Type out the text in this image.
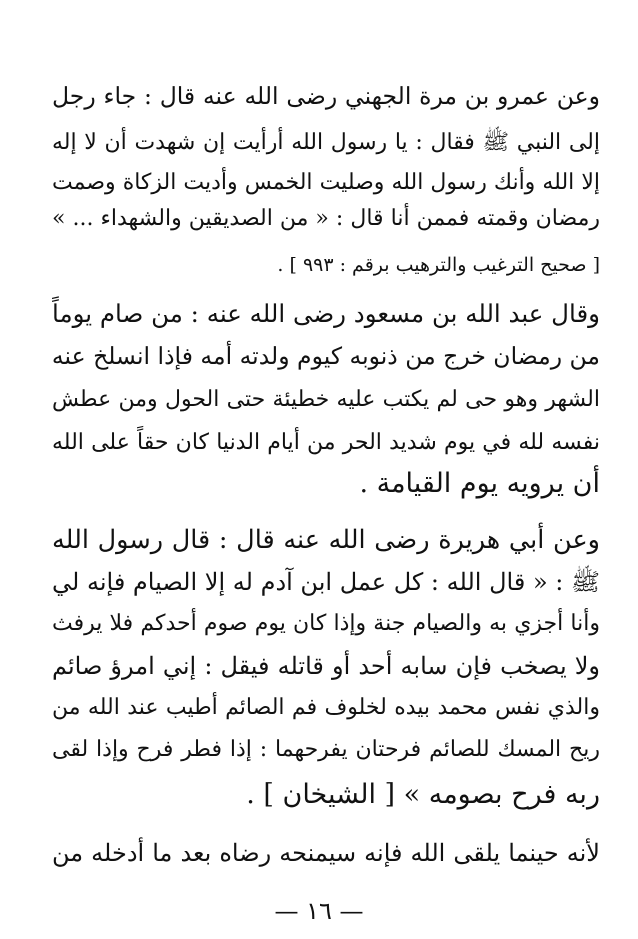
وعن عمرو بن مرة الجهني رضى الله عنه قال : جاء رجل
إلى النبي ﷺ فقال : يا رسول الله أرأيت إن شهدت أن لا إله
إلا الله وأنك رسول الله وصليت الخمس وأديت الزكاة وصمت
رمضان وقمته فممن أنا قال : « من الصديقين والشهداء ... »
[ صحيح الترغيب والترهيب برقم : ٩٩٣ ] .
وقال عبد الله بن مسعود رضى الله عنه : من صام يوماً
من رمضان خرج من ذنوبه كيوم ولدته أمه فإذا انسلخ عنه
الشهر وهو حى لم يكتب عليه خطيئة حتى الحول ومن عطش
نفسه لله في يوم شديد الحر من أيام الدنيا كان حقاً على الله
أن يرويه يوم القيامة .
وعن أبي هريرة رضى الله عنه قال : قال رسول الله
ﷺ : « قال الله : كل عمل ابن آدم له إلا الصيام فإنه لي
وأنا أجزي به والصيام جنة وإذا كان يوم صوم أحدكم فلا يرفث
ولا يصخب فإن سابه أحد أو قاتله فيقل : إني امرؤ صائم
والذي نفس محمد بيده لخلوف فم الصائم أطيب عند الله من
ريح المسك للصائم فرحتان يفرحهما : إذا فطر فرح وإذا لقى
ربه فرح بصومه » [ الشيخان ] .
لأنه حينما يلقى الله فإنه سيمنحه رضاه بعد ما أدخله من
— ١٦ —
